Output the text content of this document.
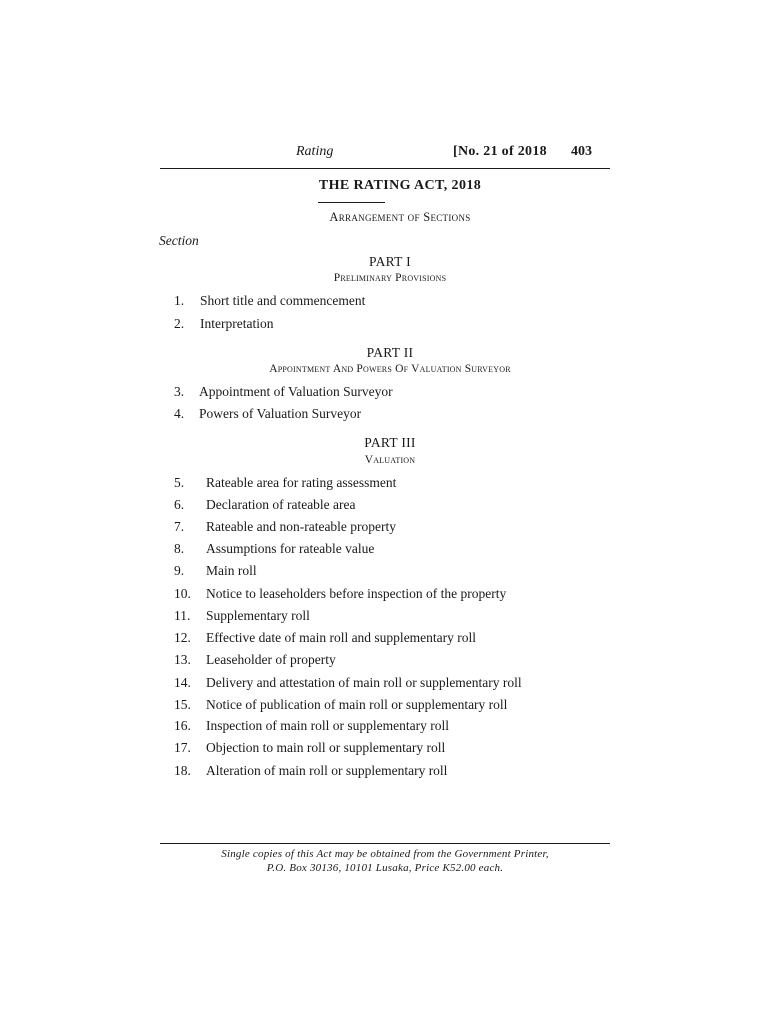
Rating	[No. 21 of 2018 403
THE RATING ACT, 2018
Arrangement of Sections
Section
PART I
Preliminary Provisions
1. Short title and commencement
2. Interpretation
PART II
Appointment And Powers Of Valuation Surveyor
3. Appointment of Valuation Surveyor
4. Powers of Valuation Surveyor
PART III
Valuation
5. Rateable area for rating assessment
6. Declaration of rateable area
7. Rateable and non-rateable property
8. Assumptions for rateable value
9. Main roll
10. Notice to leaseholders before inspection of the property
11. Supplementary roll
12. Effective date of main roll and supplementary roll
13. Leaseholder of property
14. Delivery and attestation of main roll or supplementary roll
15. Notice of publication of main roll or supplementary roll
16. Inspection of main roll or supplementary roll
17. Objection to main roll or supplementary roll
18. Alteration of main roll or supplementary roll
Single copies of this Act may be obtained from the Government Printer,
P.O. Box 30136, 10101 Lusaka, Price K52.00 each.
